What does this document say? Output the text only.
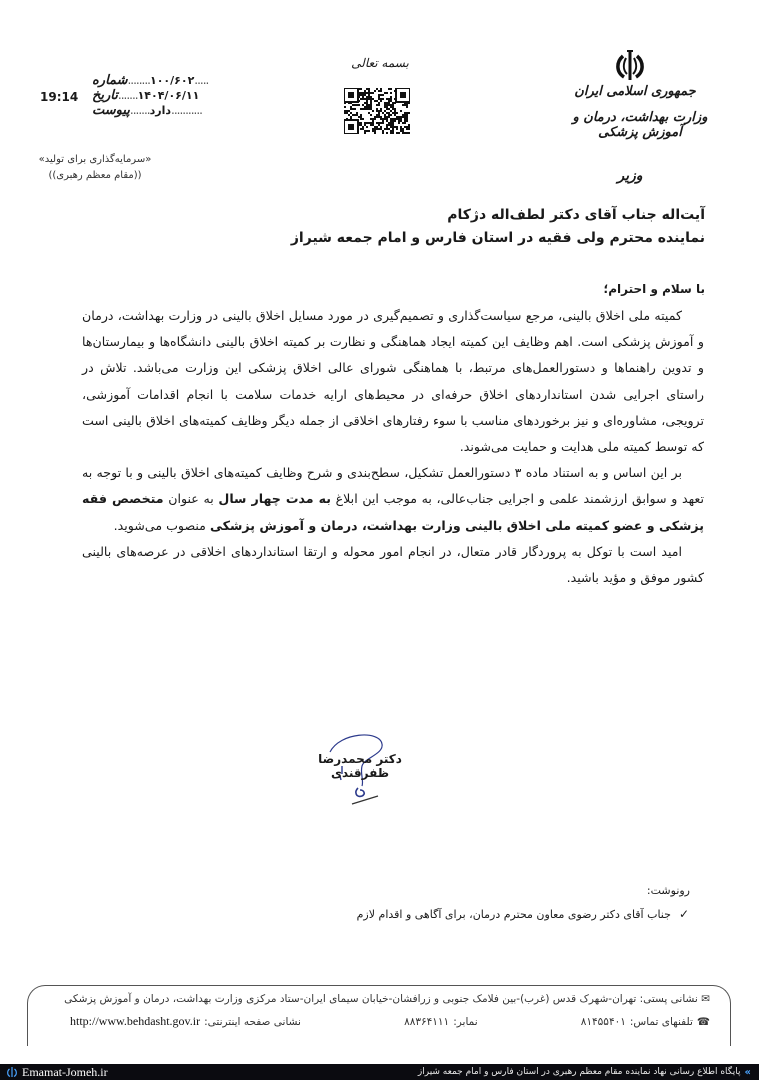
جمهوری اسلامی ایران
وزارت بهداشت، درمان و آموزش پزشکی
وزیر
بسمه تعالی
شماره ........ ۱۰۰/۶۰۲ .....
تاریخ ....... ۱۴۰۴/۰۶/۱۱
پیوست ....... دارد ...........
19:14
«سرمایه‌گذاری برای تولید»
((مقام معظم رهبری))
آیت‌اله جناب آقای دکتر لطف‌اله دژکام
نماینده محترم ولی فقیه در استان فارس و امام جمعه شیراز
با سلام و احترام؛

کمیته ملی اخلاق بالینی، مرجع سیاست‌گذاری و تصمیم‌گیری در مورد مسایل اخلاق بالینی در وزارت بهداشت، درمان و آموزش پزشکی است. اهم وظایف این کمیته ایجاد هماهنگی و نظارت بر کمیته اخلاق بالینی دانشگاه‌ها و بیمارستان‌ها و تدوین راهنماها و دستورالعمل‌های مرتبط، با هماهنگی شورای عالی اخلاق پزشکی این وزارت می‌باشد. تلاش در راستای اجرایی شدن استانداردهای اخلاق حرفه‌ای در محیط‌های ارایه خدمات سلامت با انجام اقدامات آموزشی، ترویجی، مشاوره‌ای و نیز برخوردهای مناسب با سوء رفتارهای اخلاقی از جمله دیگر وظایف کمیته‌های اخلاق بالینی است که توسط کمیته ملی هدایت و حمایت می‌شوند.

بر این اساس و به استناد ماده ۳ دستورالعمل تشکیل، سطح‌بندی و شرح وظایف کمیته‌های اخلاق بالینی و با توجه به تعهد و سوابق ارزشمند علمی و اجرایی جناب‌عالی، به موجب این ابلاغ به مدت چهار سال به عنوان متخصص فقه پزشکی و عضو کمیته ملی اخلاق بالینی وزارت بهداشت، درمان و آموزش پزشکی منصوب می‌شوید.

امید است با توکل به پروردگار قادر متعال، در انجام امور محوله و ارتقا استانداردهای اخلاقی در عرصه‌های بالینی کشور موفق و مؤید باشید.

دکتر محمدرضا ظفرقندی
رونوشت:
جناب آقای دکتر رضوی معاون محترم درمان، برای آگاهی و اقدام لازم ✓
✉ نشانی پستی: تهران-شهرک قدس (غرب)-بین فلامک جنوبی و زرافشان-خیابان سیمای ایران-ستاد مرکزی وزارت بهداشت، درمان و آموزش پزشکی
☎
تلفنهای تماس:
۸۱۴۵۵۴۰۱
نمابر:
۸۸۳۶۴۱۱۱
نشانی صفحه اینترنتی:
http://www.behdasht.gov.ir
Emamat-Jomeh.ir	»
پایگاه اطلاع رسانی نهاد نماینده مقام معظم رهبری در استان فارس و امام جمعه شیراز
